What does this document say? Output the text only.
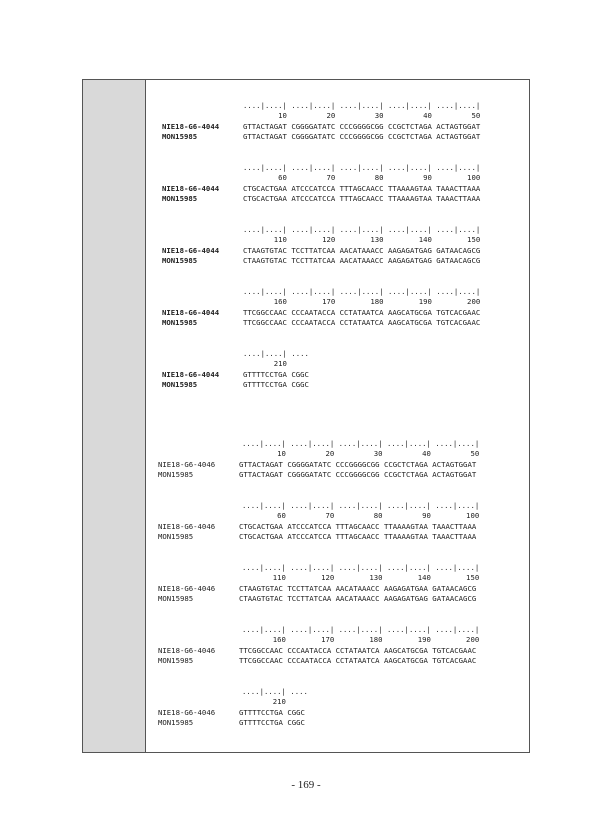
....|....| ....|....| ....|....| ....|....| ....|....|
10         20         30         40         50
NIE18-G6-4044	GTTACTAGAT CGGGGATATC CCCGGGGCGG CCGCTCTAGA ACTAGTGGAT
MON15985	GTTACTAGAT CGGGGATATC CCCGGGGCGG CCGCTCTAGA ACTAGTGGAT
....|....| ....|....| ....|....| ....|....| ....|....|
60         70         80         90        100
NIE18-G6-4044	CTGCACTGAA ATCCCATCCA TTTAGCAACC TTAAAAGTAA TAAACTTAAA
MON15985	CTGCACTGAA ATCCCATCCA TTTAGCAACC TTAAAAGTAA TAAACTTAAA
....|....| ....|....| ....|....| ....|....| ....|....|
110        120        130        140        150
NIE18-G6-4044	CTAAGTGTAC TCCTTATCAA AACATAAACC AAGAGATGAG GATAACAGCG
MON15985	CTAAGTGTAC TCCTTATCAA AACATAAACC AAGAGATGAG GATAACAGCG
....|....| ....|....| ....|....| ....|....| ....|....|
160        170        180        190        200
NIE18-G6-4044	TTCGGCCAAC CCCAATACCA CCTATAATCA AAGCATGCGA TGTCACGAAC
MON15985	TTCGGCCAAC CCCAATACCA CCTATAATCA AAGCATGCGA TGTCACGAAC
....|....| ....
210
NIE18-G6-4044	GTTTTCCTGA CGGC
MON15985	GTTTTCCTGA CGGC
....|....| ....|....| ....|....| ....|....| ....|....|
10         20         30         40         50
NIE18-G6-4046	GTTACTAGAT CGGGGATATC CCCGGGGCGG CCGCTCTAGA ACTAGTGGAT
MON15985	GTTACTAGAT CGGGGATATC CCCGGGGCGG CCGCTCTAGA ACTAGTGGAT
....|....| ....|....| ....|....| ....|....| ....|....|
60         70         80         90        100
NIE18-G6-4046	CTGCACTGAA ATCCCATCCA TTTAGCAACC TTAAAAGTAA TAAACTTAAA
MON15985	CTGCACTGAA ATCCCATCCA TTTAGCAACC TTAAAAGTAA TAAACTTAAA
....|....| ....|....| ....|....| ....|....| ....|....|
110        120        130        140        150
NIE18-G6-4046	CTAAGTGTAC TCCTTATCAA AACATAAACC AAGAGATGAA GATAACAGCG
MON15985	CTAAGTGTAC TCCTTATCAA AACATAAACC AAGAGATGAG GATAACAGCG
....|....| ....|....| ....|....| ....|....| ....|....|
160        170        180        190        200
NIE18-G6-4046	TTCGGCCAAC CCCAATACCA CCTATAATCA AAGCATGCGA TGTCACGAAC
MON15985	TTCGGCCAAC CCCAATACCA CCTATAATCA AAGCATGCGA TGTCACGAAC
....|....| ....
210
NIE18-G6-4046	GTTTTCCTGA CGGC
MON15985	GTTTTCCTGA CGGC
- 169 -
